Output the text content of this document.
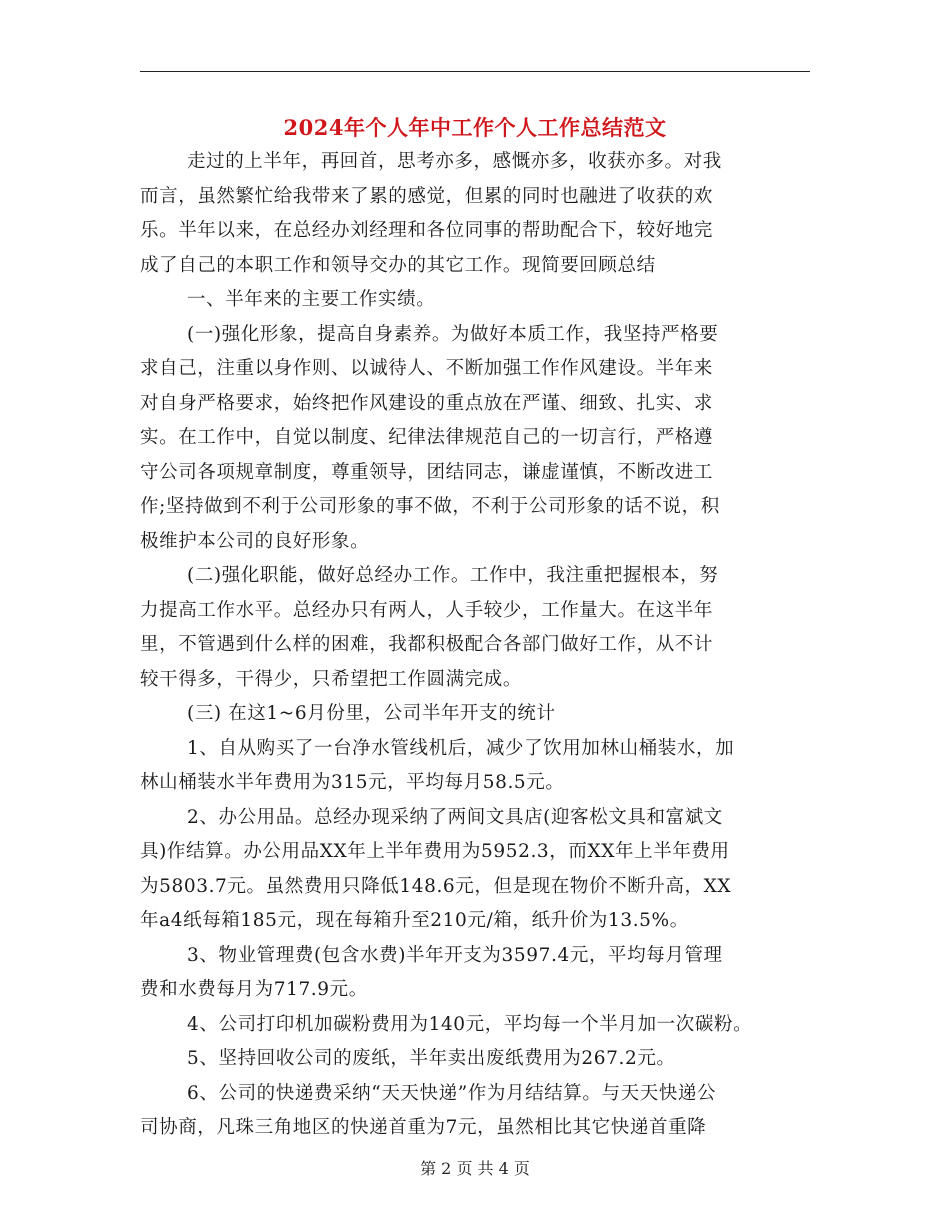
2024年个人年中工作个人工作总结范文
走过的上半年，再回首，思考亦多，感慨亦多，收获亦多。对我
而言，虽然繁忙给我带来了累的感觉，但累的同时也融进了收获的欢
乐。半年以来，在总经办刘经理和各位同事的帮助配合下，较好地完
成了自己的本职工作和领导交办的其它工作。现简要回顾总结
一、半年来的主要工作实绩。
(一)强化形象，提高自身素养。为做好本质工作，我坚持严格要
求自己，注重以身作则、以诚待人、不断加强工作作风建设。半年来
对自身严格要求，始终把作风建设的重点放在严谨、细致、扎实、求
实。在工作中，自觉以制度、纪律法律规范自己的一切言行，严格遵
守公司各项规章制度，尊重领导，团结同志，谦虚谨慎，不断改进工
作;坚持做到不利于公司形象的事不做，不利于公司形象的话不说，积
极维护本公司的良好形象。
(二)强化职能，做好总经办工作。工作中，我注重把握根本，努
力提高工作水平。总经办只有两人，人手较少，工作量大。在这半年
里，不管遇到什么样的困难，我都积极配合各部门做好工作，从不计
较干得多，干得少，只希望把工作圆满完成。
(三) 在这1~6月份里，公司半年开支的统计
1、自从购买了一台净水管线机后，减少了饮用加林山桶装水，加
林山桶装水半年费用为315元，平均每月58.5元。
2、办公用品。总经办现采纳了两间文具店(迎客松文具和富斌文
具)作结算。办公用品XX年上半年费用为5952.3，而XX年上半年费用
为5803.7元。虽然费用只降低148.6元，但是现在物价不断升高，XX
年a4纸每箱185元，现在每箱升至210元/箱，纸升价为13.5%。
3、物业管理费(包含水费)半年开支为3597.4元，平均每月管理
费和水费每月为717.9元。
4、公司打印机加碳粉费用为140元，平均每一个半月加一次碳粉。
5、坚持回收公司的废纸，半年卖出废纸费用为267.2元。
6、公司的快递费采纳“天天快递”作为月结结算。与天天快递公
司协商，凡珠三角地区的快递首重为7元，虽然相比其它快递首重降
第 2 页 共 4 页
